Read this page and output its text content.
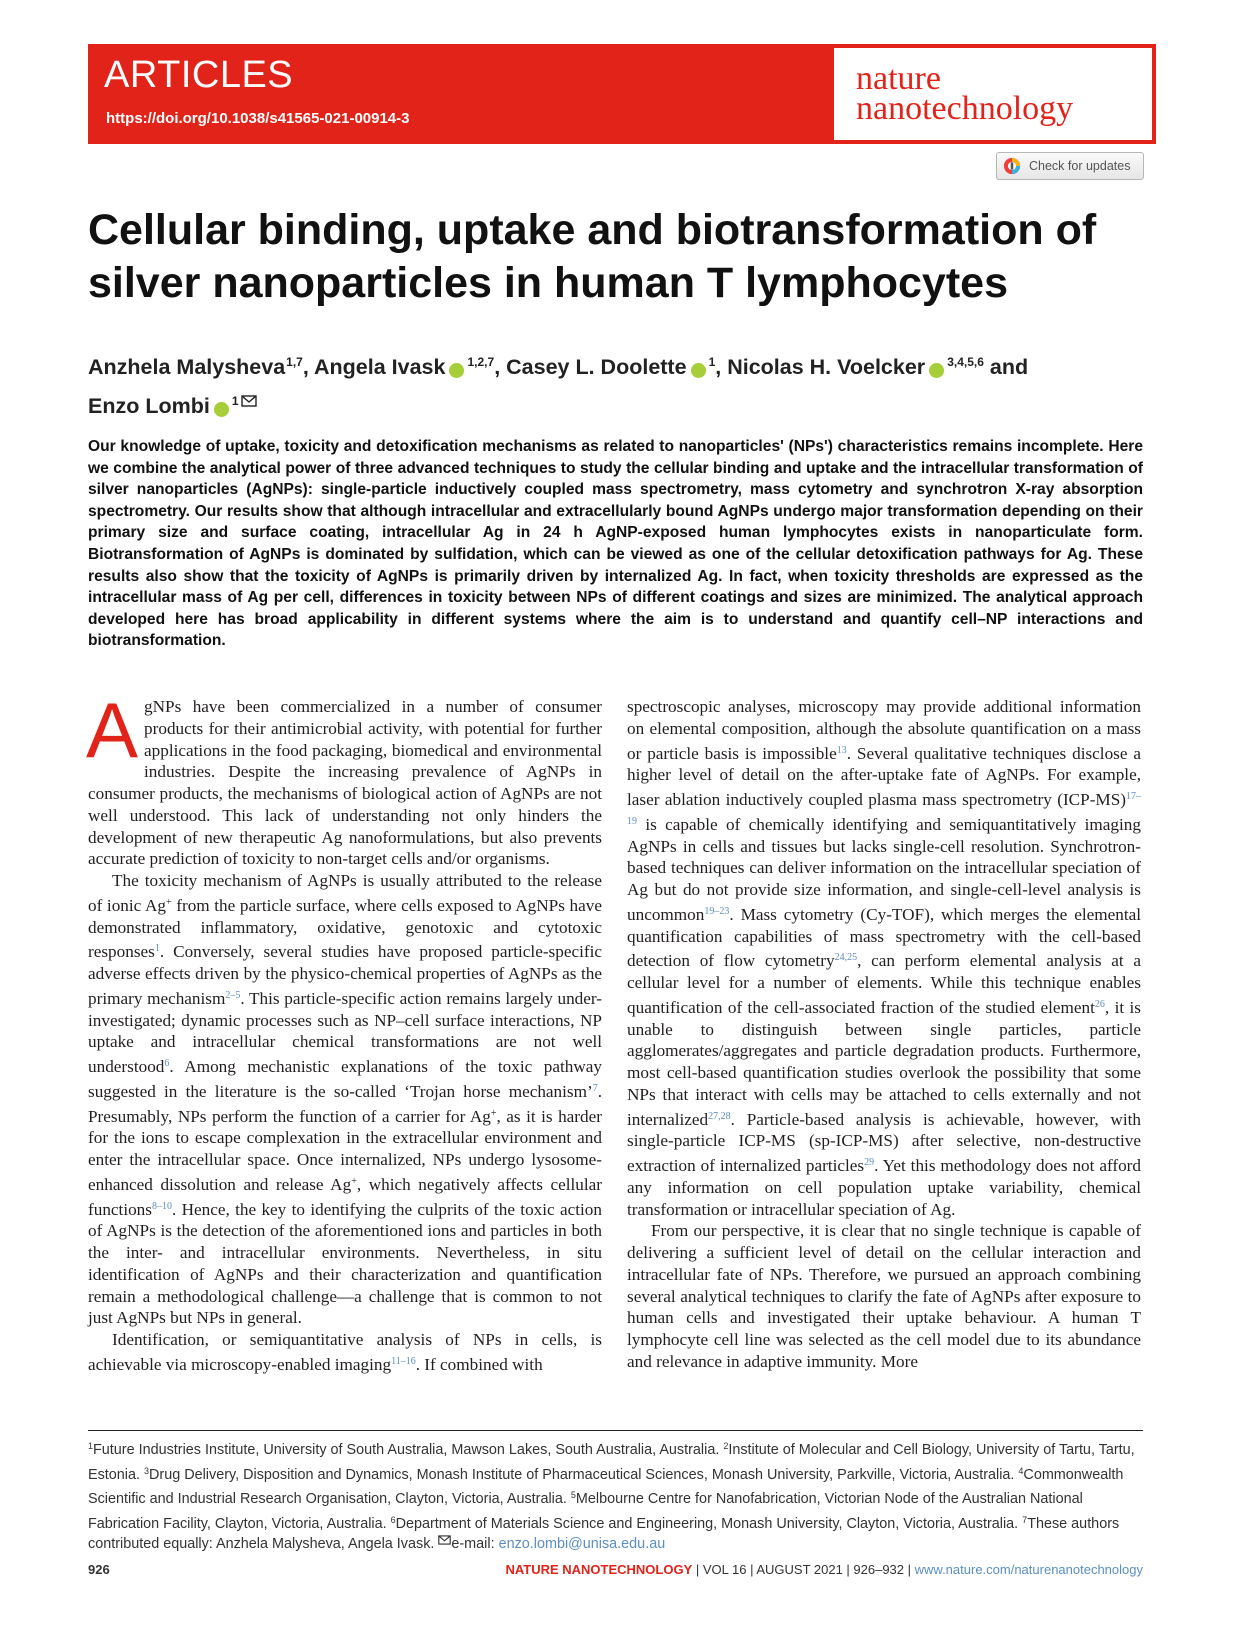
ARTICLES
https://doi.org/10.1038/s41565-021-00914-3
nature
nanotechnology
Check for updates
Cellular binding, uptake and biotransformation of silver nanoparticles in human T lymphocytes
Anzhela Malysheva$^{1,7}$, Angela Ivask  $^{1,2,7}$, Casey L. Doolette  $^1$, Nicolas H. Voelcker  $^{3,4,5,6}$ and
Enzo Lombi  $^1$

Our knowledge of uptake, toxicity and detoxification mechanisms as related to nanoparticles' (NPs') characteristics remains incomplete. Here we combine the analytical power of three advanced techniques to study the cellular binding and uptake and the intracellular transformation of silver nanoparticles (AgNPs): single-particle inductively coupled mass spectrometry, mass cytometry and synchrotron X-ray absorption spectrometry. Our results show that although intracellular and extracellularly bound AgNPs undergo major transformation depending on their primary size and surface coating, intracellular Ag in 24 h AgNP-exposed human lymphocytes exists in nanoparticulate form. Biotransformation of AgNPs is dominated by sulfidation, which can be viewed as one of the cellular detoxification pathways for Ag. These results also show that the toxicity of AgNPs is primarily driven by internalized Ag. In fact, when toxicity thresholds are expressed as the intracellular mass of Ag per cell, differences in toxicity between NPs of different coatings and sizes are minimized. The analytical approach developed here has broad applicability in different systems where the aim is to understand and quantify cell–NP interactions and biotransformation.

AgNPs have been commercialized in a number of consumer products for their antimicrobial activity, with potential for further applications in the food packaging, biomedical and environmental industries. Despite the increasing prevalence of AgNPs in consumer products, the mechanisms of biological action of AgNPs are not well understood. This lack of understanding not only hinders the development of new therapeutic Ag nanoformulations, but also prevents accurate prediction of toxicity to non-target cells and/or organisms.

The toxicity mechanism of AgNPs is usually attributed to the release of ionic Ag+ from the particle surface, where cells exposed to AgNPs have demonstrated inflammatory, oxidative, genotoxic and cytotoxic responses$^1$. Conversely, several studies have proposed particle-specific adverse effects driven by the physico-chemical properties of AgNPs as the primary mechanism$^{2-5}$. This particle-specific action remains largely under-investigated; dynamic processes such as NP–cell surface interactions, NP uptake and intracellular chemical transformations are not well understood$^6$. Among mechanistic explanations of the toxic pathway suggested in the literature is the so-called ‘Trojan horse mechanism’$^7$. Presumably, NPs perform the function of a carrier for Ag+, as it is harder for the ions to escape complexation in the extracellular environment and enter the intracellular space. Once internalized, NPs undergo lysosome-enhanced dissolution and release Ag+, which negatively affects cellular functions$^{8-10}$. Hence, the key to identifying the culprits of the toxic action of AgNPs is the detection of the aforementioned ions and particles in both the inter- and intracellular environments. Nevertheless, in situ identification of AgNPs and their characterization and quantification remain a methodological challenge—a challenge that is common to not just AgNPs but NPs in general.

Identification, or semiquantitative analysis of NPs in cells, is achievable via microscopy-enabled imaging$^{11-16}$. If combined with

spectroscopic analyses, microscopy may provide additional information on elemental composition, although the absolute quantification on a mass or particle basis is impossible$^{13}$. Several qualitative techniques disclose a higher level of detail on the after-uptake fate of AgNPs. For example, laser ablation inductively coupled plasma mass spectrometry (ICP-MS)$^{17-19}$ is capable of chemically identifying and semiquantitatively imaging AgNPs in cells and tissues but lacks single-cell resolution. Synchrotron-based techniques can deliver information on the intracellular speciation of Ag but do not provide size information, and single-cell-level analysis is uncommon$^{19-23}$. Mass cytometry (Cy-TOF), which merges the elemental quantification capabilities of mass spectrometry with the cell-based detection of flow cytometry$^{24,25}$, can perform elemental analysis at a cellular level for a number of elements. While this technique enables quantification of the cell-associated fraction of the studied element$^{26}$, it is unable to distinguish between single particles, particle agglomerates/aggregates and particle degradation products. Furthermore, most cell-based quantification studies overlook the possibility that some NPs that interact with cells may be attached to cells externally and not internalized$^{27,28}$. Particle-based analysis is achievable, however, with single-particle ICP-MS (sp-ICP-MS) after selective, non-destructive extraction of internalized particles$^{29}$. Yet this methodology does not afford any information on cell population uptake variability, chemical transformation or intracellular speciation of Ag.

From our perspective, it is clear that no single technique is capable of delivering a sufficient level of detail on the cellular interaction and intracellular fate of NPs. Therefore, we pursued an approach combining several analytical techniques to clarify the fate of AgNPs after exposure to human cells and investigated their uptake behaviour. A human T lymphocyte cell line was selected as the cell model due to its abundance and relevance in adaptive immunity. More

$^1$Future Industries Institute, University of South Australia, Mawson Lakes, South Australia, Australia. $^2$Institute of Molecular and Cell Biology, University of Tartu, Tartu, Estonia. $^3$Drug Delivery, Disposition and Dynamics, Monash Institute of Pharmaceutical Sciences, Monash University, Parkville, Victoria, Australia. $^4$Commonwealth Scientific and Industrial Research Organisation, Clayton, Victoria, Australia. $^5$Melbourne Centre for Nanofabrication, Victorian Node of the Australian National Fabrication Facility, Clayton, Victoria, Australia. $^6$Department of Materials Science and Engineering, Monash University, Clayton, Victoria, Australia. $^7$These authors contributed equally: Anzhela Malysheva, Angela Ivask. e-mail: enzo.lombi@unisa.edu.au
926	NATURE NANOTECHNOLOGY | VOL 16 | AUGUST 2021 | 926–932 | www.nature.com/naturenanotechnology
